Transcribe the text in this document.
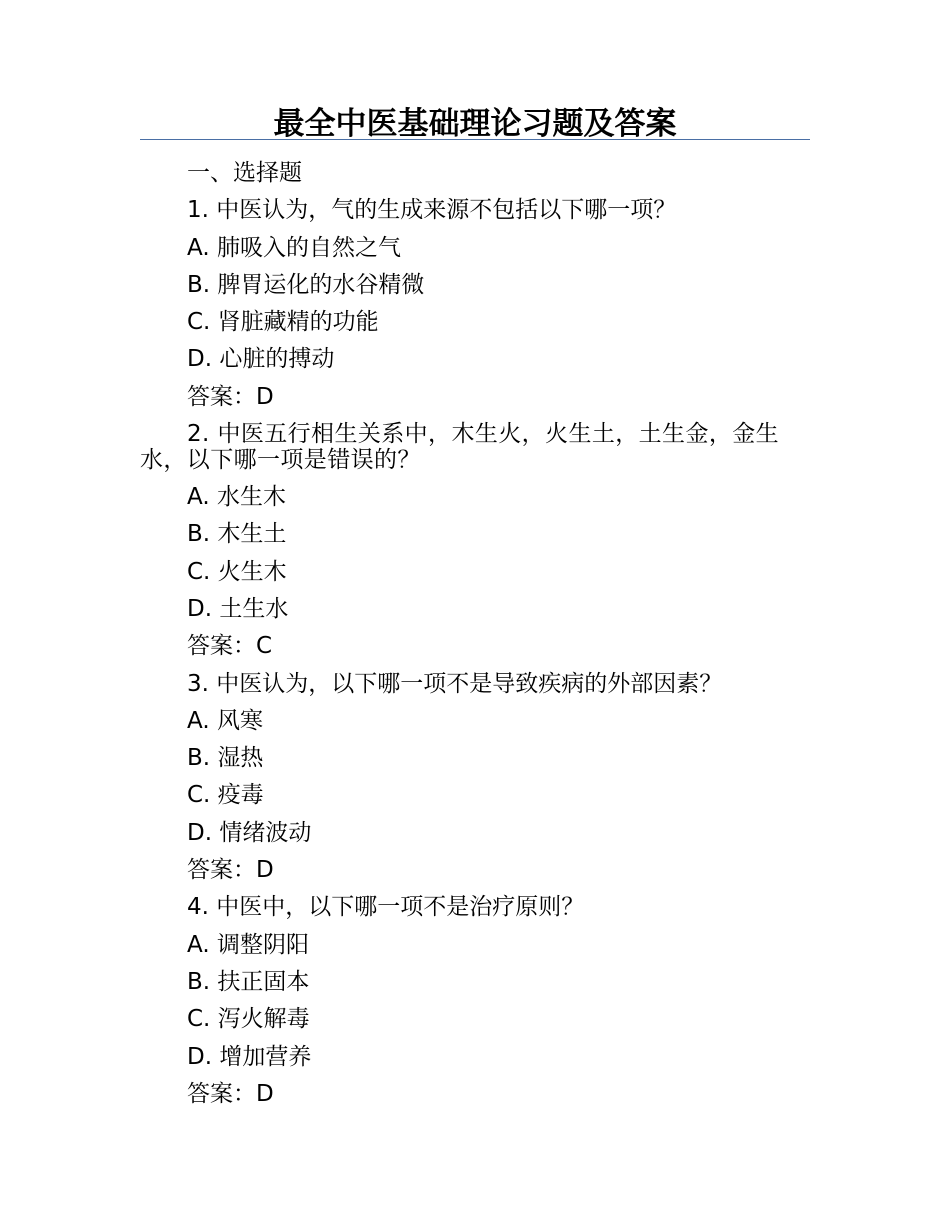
最全中医基础理论习题及答案
一、选择题
1. 中医认为，气的生成来源不包括以下哪一项？
A. 肺吸入的自然之气
B. 脾胃运化的水谷精微
C. 肾脏藏精的功能
D. 心脏的搏动
答案：D
2. 中医五行相生关系中，木生火，火生土，土生金，金生水，以下哪一项是错误的？
A. 水生木
B. 木生土
C. 火生木
D. 土生水
答案：C
3. 中医认为，以下哪一项不是导致疾病的外部因素？
A. 风寒
B. 湿热
C. 疫毒
D. 情绪波动
答案：D
4. 中医中，以下哪一项不是治疗原则？
A. 调整阴阳
B. 扶正固本
C. 泻火解毒
D. 增加营养
答案：D
